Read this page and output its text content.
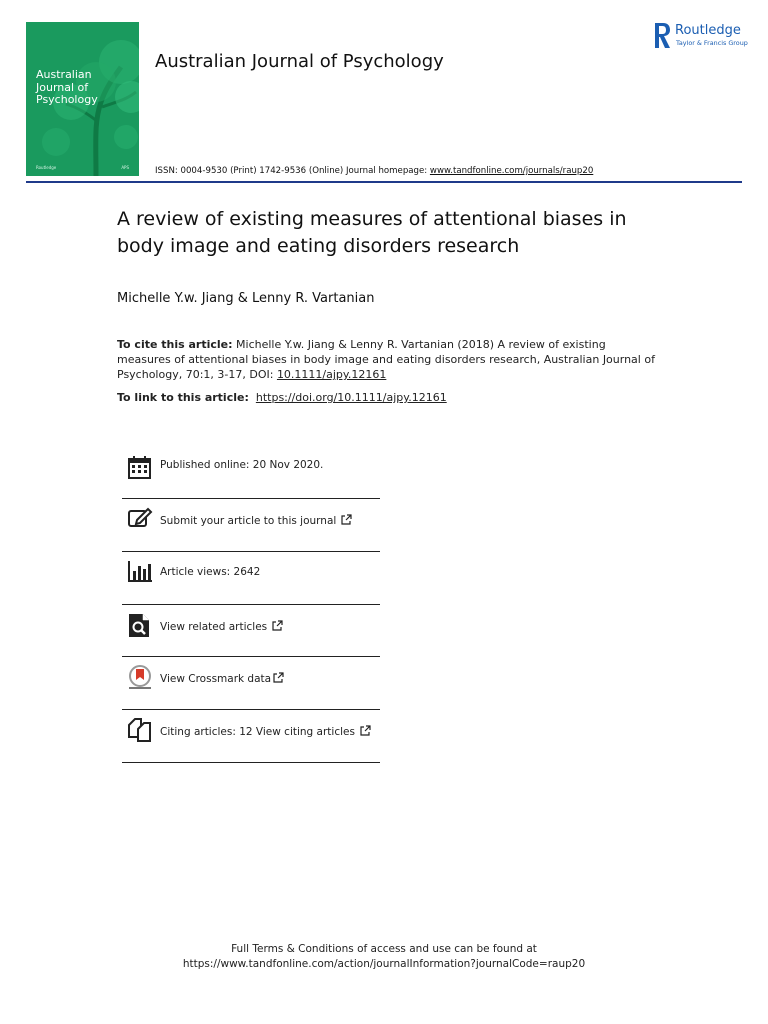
Australian
Journal of
Psychology
Routledge	APS
Australian Journal of Psychology
Routledge
Taylor & Francis Group
ISSN: 0004-9530 (Print) 1742-9536 (Online) Journal homepage: www.tandfonline.com/journals/raup20
A review of existing measures of attentional biases in body image and eating disorders research
Michelle Y.w. Jiang & Lenny R. Vartanian
To cite this article: Michelle Y.w. Jiang & Lenny R. Vartanian (2018) A review of existing measures of attentional biases in body image and eating disorders research, Australian Journal of Psychology, 70:1, 3-17, DOI: 10.1111/ajpy.12161
To link to this article: https://doi.org/10.1111/ajpy.12161
Published online: 20 Nov 2020.
Submit your article to this journal
Article views: 2642
View related articles
View Crossmark data
Citing articles: 12 View citing articles
Full Terms & Conditions of access and use can be found at
https://www.tandfonline.com/action/journalInformation?journalCode=raup20
